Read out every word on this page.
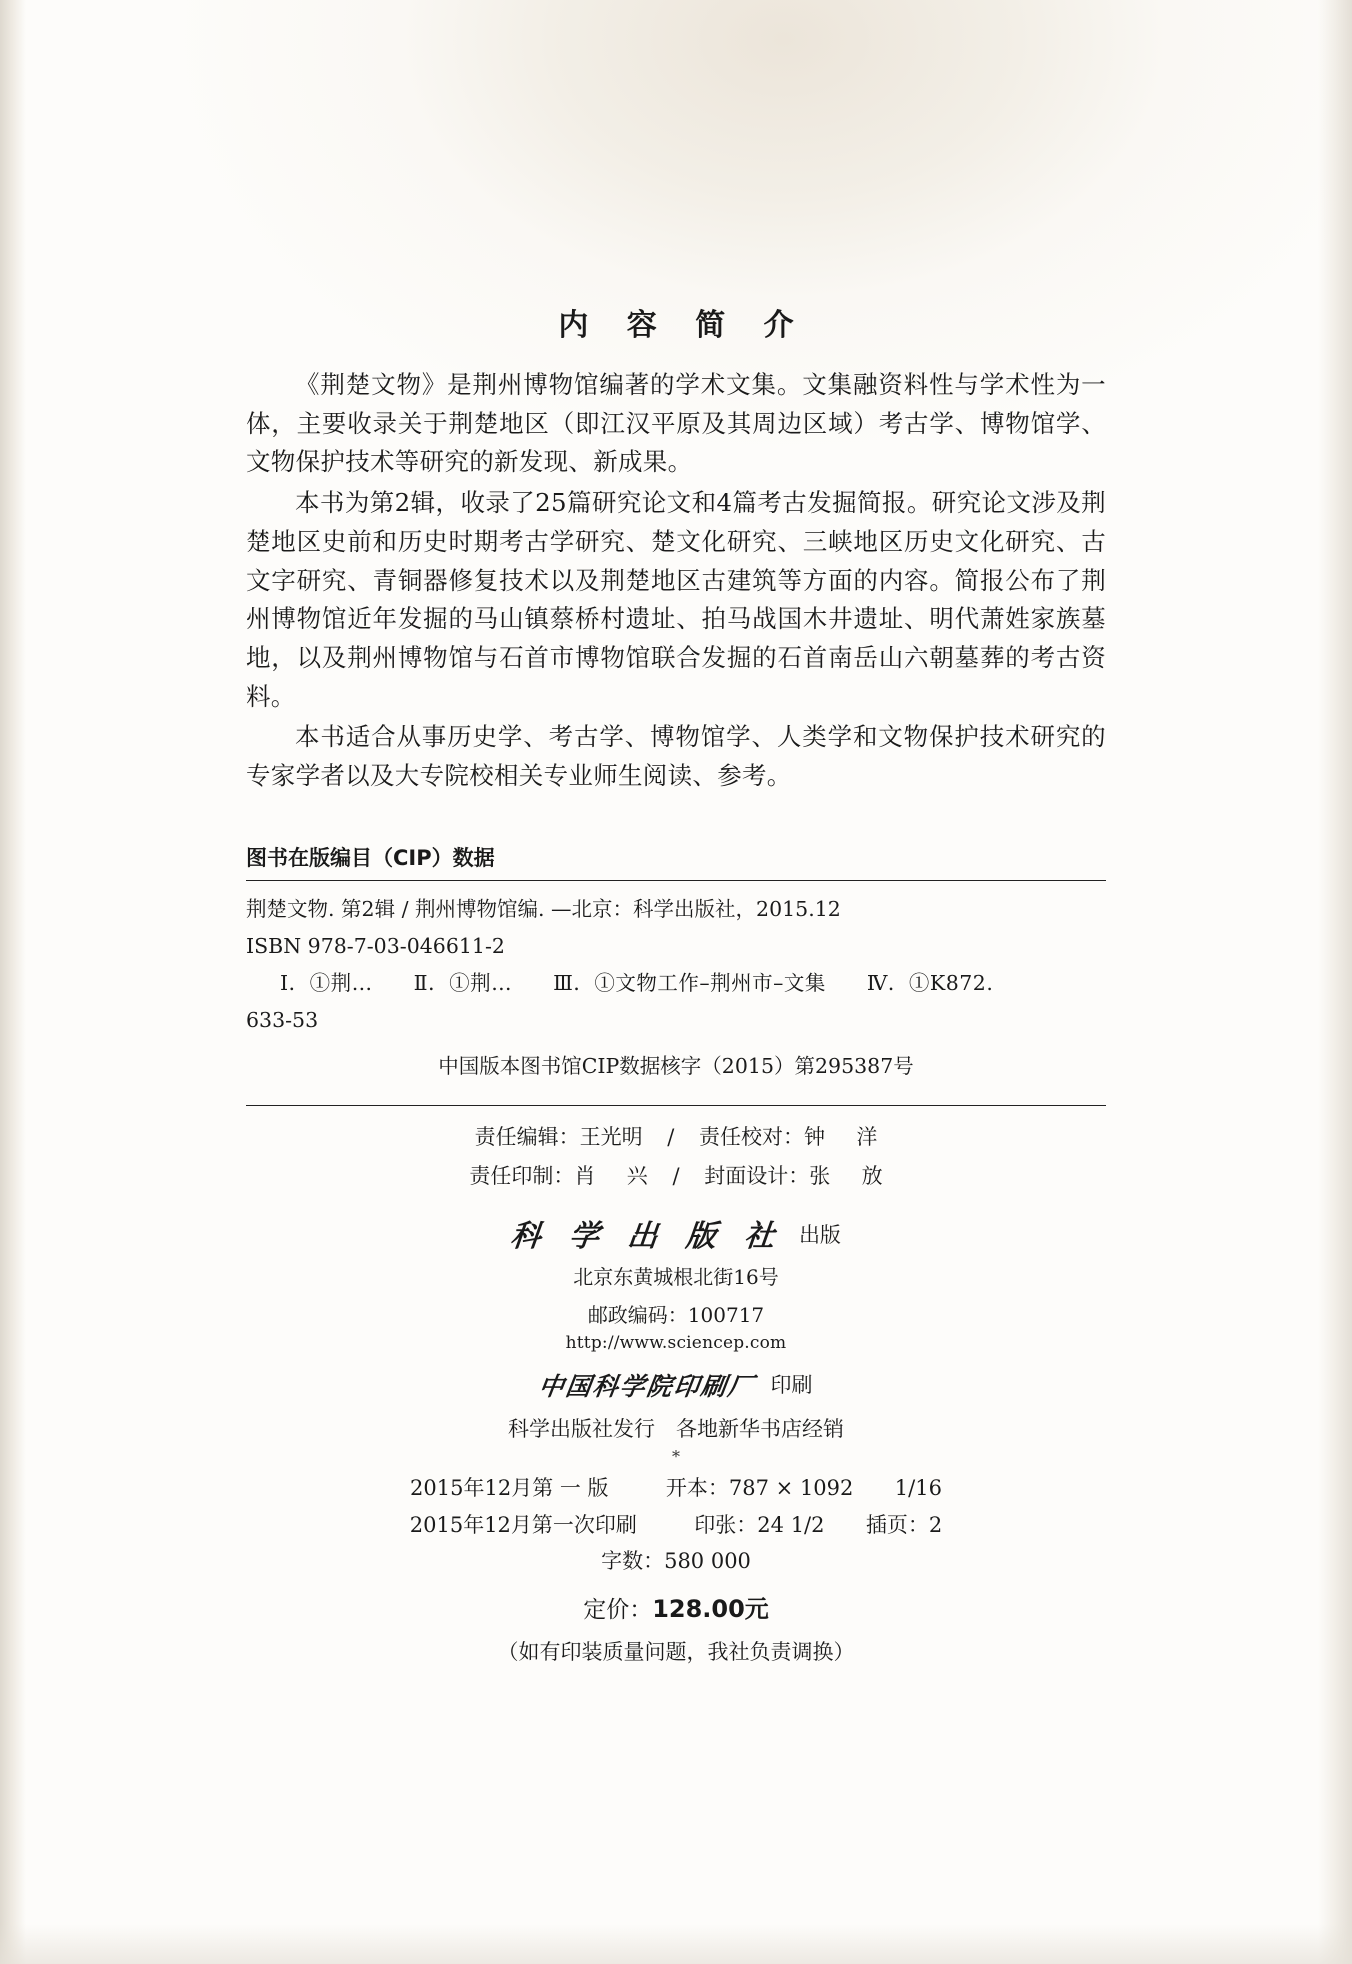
内 容 简 介

《荆楚文物》是荆州博物馆编著的学术文集。文集融资料性与学术性为一体，主要收录关于荆楚地区（即江汉平原及其周边区域）考古学、博物馆学、文物保护技术等研究的新发现、新成果。

本书为第2辑，收录了25篇研究论文和4篇考古发掘简报。研究论文涉及荆楚地区史前和历史时期考古学研究、楚文化研究、三峡地区历史文化研究、古文字研究、青铜器修复技术以及荆楚地区古建筑等方面的内容。简报公布了荆州博物馆近年发掘的马山镇蔡桥村遗址、拍马战国木井遗址、明代萧姓家族墓地，以及荆州博物馆与石首市博物馆联合发掘的石首南岳山六朝墓葬的考古资料。

本书适合从事历史学、考古学、博物馆学、人类学和文物保护技术研究的专家学者以及大专院校相关专业师生阅读、参考。

图书在版编目（CIP）数据
荆楚文物. 第2辑 / 荆州博物馆编. —北京：科学出版社，2015.12
ISBN 978-7-03-046611-2
Ⅰ．①荆… Ⅱ．①荆… Ⅲ．①文物工作–荆州市–文集 Ⅳ．①K872.
633-53
中国版本图书馆CIP数据核字（2015）第295387号
责任编辑：王光明 / 责任校对：钟 洋
责任印制：肖 兴 / 封面设计：张 放
科 学 出 版 社 出版
北京东黄城根北街16号
邮政编码：100717
http://www.sciencep.com
中国科学院印刷厂 印刷
科学出版社发行　各地新华书店经销
*
2015年12月第 一 版	开本：787 × 1092 1/16
2015年12月第一次印刷	印张：24 1/2 插页：2
字数：580 000
定价：128.00元
（如有印装质量问题，我社负责调换）
